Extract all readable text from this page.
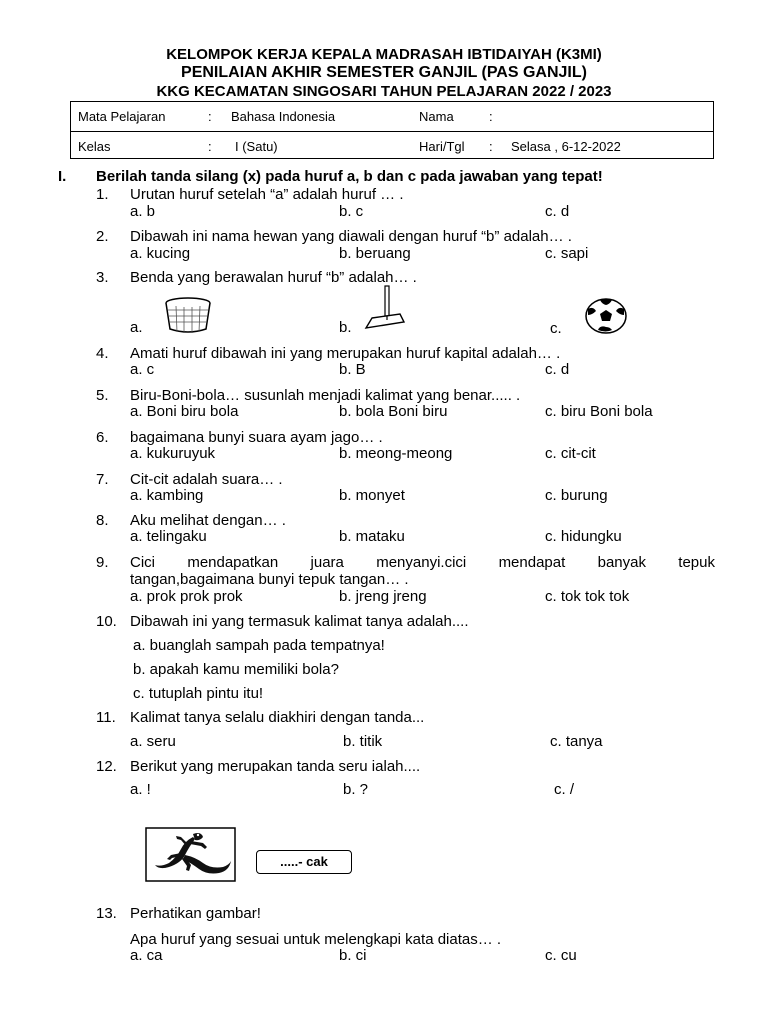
KELOMPOK KERJA KEPALA MADRASAH IBTIDAIYAH (K3MI)
PENILAIAN AKHIR SEMESTER GANJIL (PAS GANJIL)
KKG KECAMATAN SINGOSARI TAHUN PELAJARAN 2022 / 2023
Mata Pelajaran	: Bahasa Indonesia	Nama	:
Kelas	: I (Satu)	Hari/Tgl : Selasa , 6-12-2022
I. Berilah tanda silang (x) pada huruf a, b dan c pada jawaban yang tepat!
1. Urutan huruf setelah “a” adalah huruf … .
a. b	b. c	c. d
2. Dibawah ini nama hewan yang diawali dengan huruf “b” adalah… .
a. kucing	b. beruang	c. sapi
3. Benda yang berawalan huruf “b” adalah… .
a.	b.	c.
4. Amati huruf dibawah ini yang merupakan huruf kapital adalah… .
a. c	b. B	c. d
5. Biru-Boni-bola… susunlah menjadi kalimat yang benar..... .
a. Boni biru bola	b. bola Boni biru	c. biru Boni bola
6. bagaimana bunyi suara ayam jago… .
a. kukuruyuk	b. meong-meong	c. cit-cit
7. Cit-cit adalah suara… .
a. kambing	b. monyet	c. burung
8. Aku melihat dengan… .
a. telingaku	b. mataku	c. hidungku
9. Cici mendapatkan juara menyanyi.cici mendapat banyak tepuk
tangan,bagaimana bunyi tepuk tangan… .
a. prok prok prok	b. jreng jreng	c. tok tok tok
10. Dibawah ini yang termasuk kalimat tanya adalah....
a. buanglah sampah pada tempatnya!
b. apakah kamu memiliki bola?
c. tutuplah pintu itu!
11. Kalimat tanya selalu diakhiri dengan tanda...
a. seru	b. titik	c. tanya
12. Berikut yang merupakan tanda seru ialah....
a. !	b. ?	c. /
.....- cak
13. Perhatikan gambar!
Apa huruf yang sesuai untuk melengkapi kata diatas… .
a. ca	b. ci	c. cu
